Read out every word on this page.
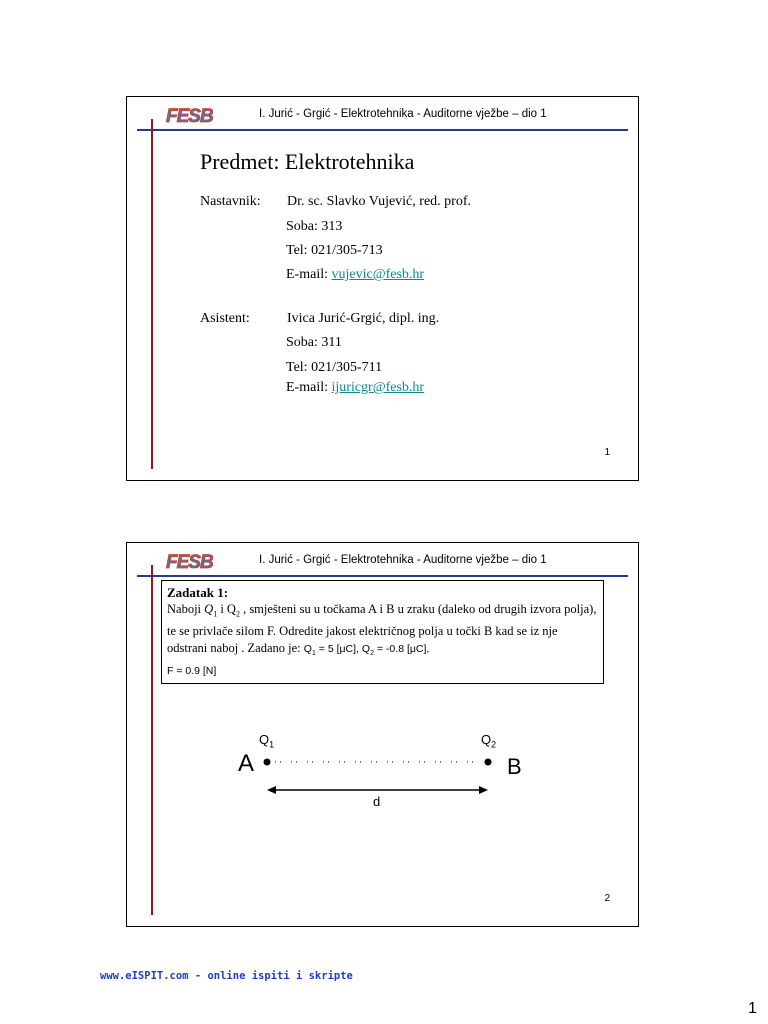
FESB	I. Jurić - Grgić - Elektrotehnika - Auditorne vježbe – dio 1
Predmet: Elektrotehnika
Nastavnik: Dr. sc. Slavko Vujević, red. prof.
Soba: 313
Tel: 021/305-713
E-mail: vujevic@fesb.hr
Asistent:	Ivica Jurić-Grgić, dipl. ing.
Soba: 311
Tel: 021/305-711
E-mail: ijuricgr@fesb.hr
1
FESB	I. Jurić - Grgić - Elektrotehnika - Auditorne vježbe – dio 1
Zadatak 1:
Naboji $Q_1$ i $Q_2$ , smješteni su u točkama A i B u zraku (daleko od drugih izvora polja), te se privlače silom F. Odredite jakost električnog polja u točki B kad se iz nje odstrani naboj . Zadano je: $Q_1 = 5$ [μC], $Q_2 = -0.8$ [μC],
F = 0.9 [N]
$Q_1$	$Q_2$
A	B
d
2
www.eISPIT.com - online ispiti i skripte
1
